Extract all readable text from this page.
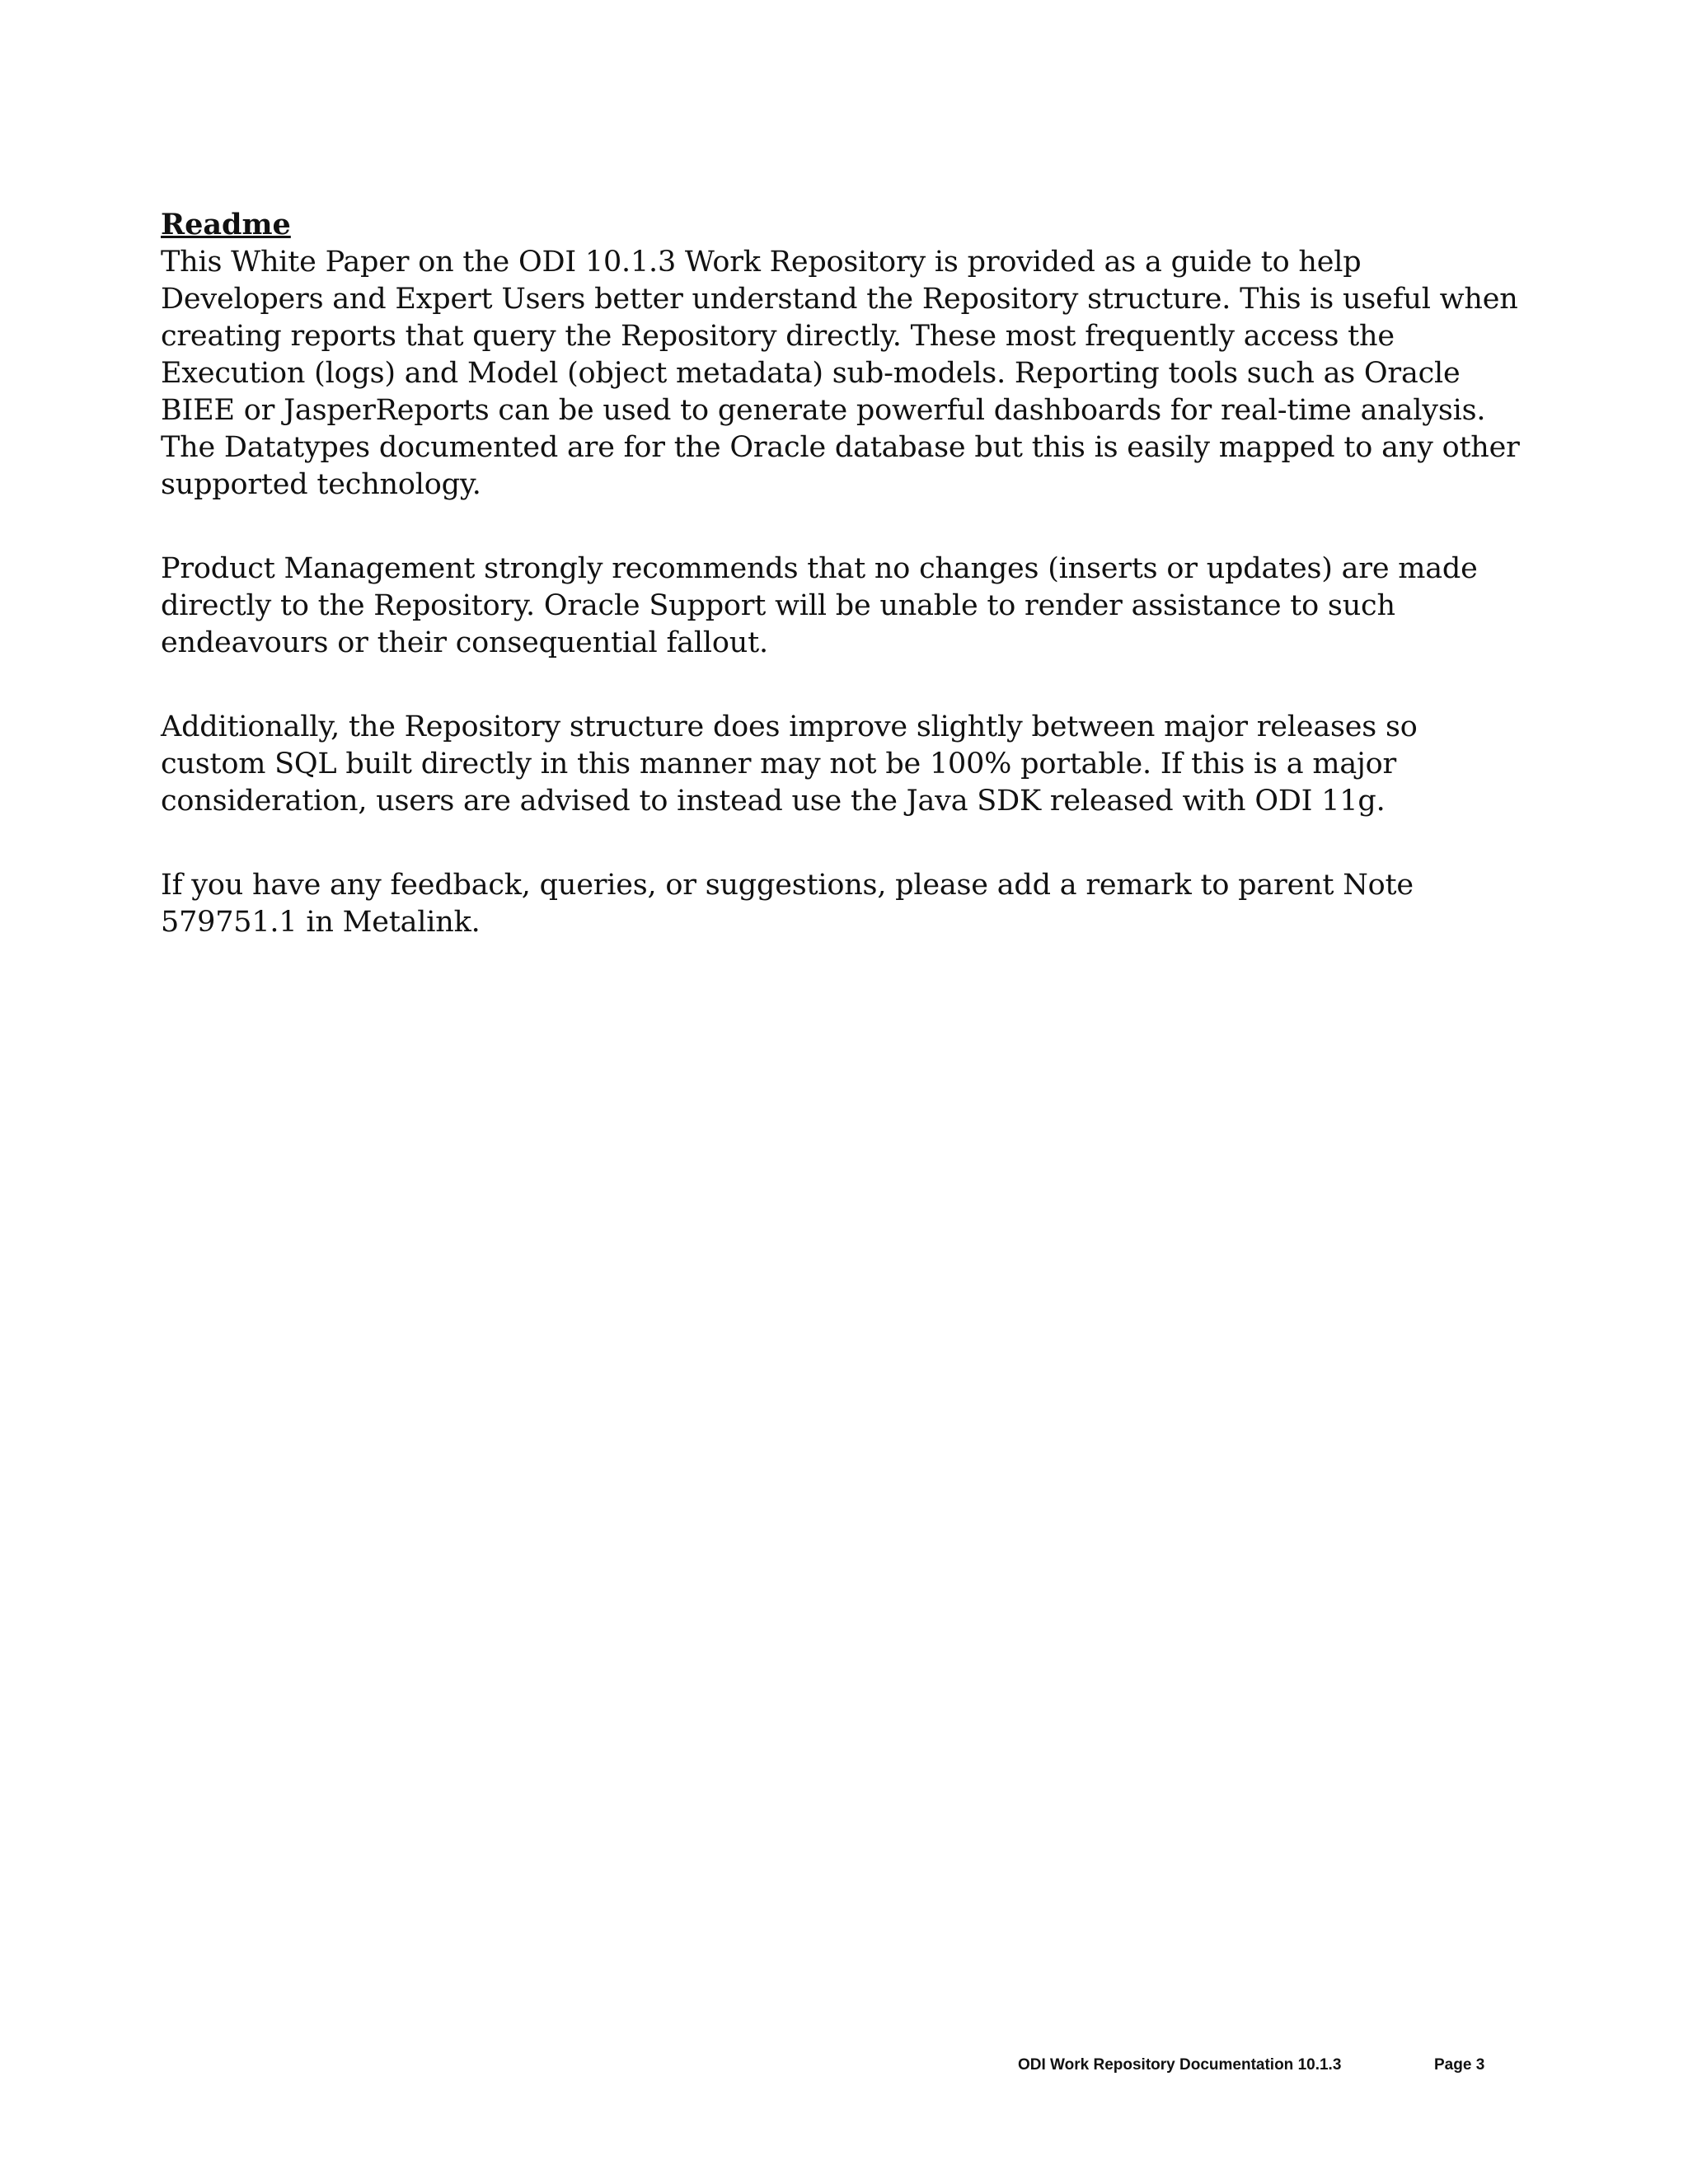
Readme

This White Paper on the ODI 10.1.3 Work Repository is provided as a guide to help Developers and Expert Users better understand the Repository structure. This is useful when creating reports that query the Repository directly. These most frequently access the Execution (logs) and Model (object metadata) sub-models. Reporting tools such as Oracle BIEE or JasperReports can be used to generate powerful dashboards for real-time analysis. The Datatypes documented are for the Oracle database but this is easily mapped to any other supported technology.

Product Management strongly recommends that no changes (inserts or updates) are made directly to the Repository. Oracle Support will be unable to render assistance to such endeavours or their consequential fallout.

Additionally, the Repository structure does improve slightly between major releases so custom SQL built directly in this manner may not be 100% portable. If this is a major consideration, users are advised to instead use the Java SDK released with ODI 11g.

If you have any feedback, queries, or suggestions, please add a remark to parent Note 579751.1 in Metalink.

ODI Work Repository Documentation 10.1.3	Page 3
